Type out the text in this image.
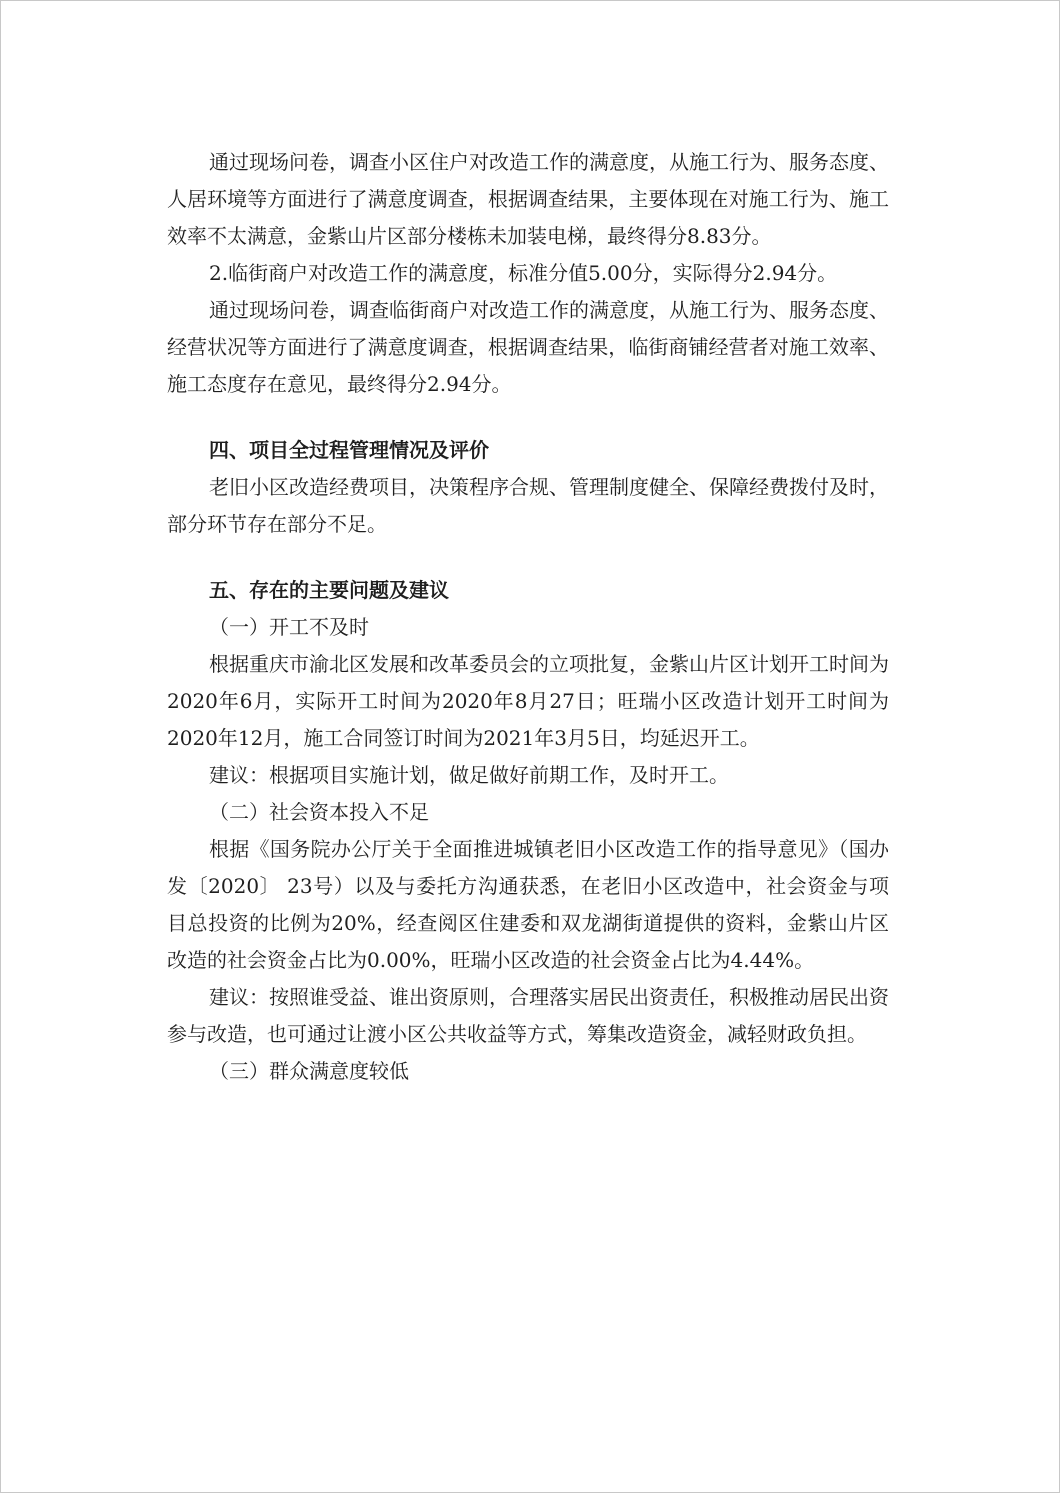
通过现场问卷，调查小区住户对改造工作的满意度，从施工行为、服务态度、人居环境等方面进行了满意度调查，根据调查结果，主要体现在对施工行为、施工效率不太满意，金紫山片区部分楼栋未加装电梯，最终得分8.83分。

2.临街商户对改造工作的满意度，标准分值5.00分，实际得分2.94分。

通过现场问卷，调查临街商户对改造工作的满意度，从施工行为、服务态度、经营状况等方面进行了满意度调查，根据调查结果，临街商铺经营者对施工效率、施工态度存在意见，最终得分2.94分。

四、项目全过程管理情况及评价

老旧小区改造经费项目，决策程序合规、管理制度健全、保障经费拨付及时，部分环节存在部分不足。

五、存在的主要问题及建议

（一）开工不及时

根据重庆市渝北区发展和改革委员会的立项批复，金紫山片区计划开工时间为2020年6月，实际开工时间为2020年8月27日；旺瑞小区改造计划开工时间为2020年12月，施工合同签订时间为2021年3月5日，均延迟开工。

建议：根据项目实施计划，做足做好前期工作，及时开工。

（二）社会资本投入不足

根据《国务院办公厅关于全面推进城镇老旧小区改造工作的指导意见》（国办发〔2020〕 23号）以及与委托方沟通获悉，在老旧小区改造中，社会资金与项目总投资的比例为20%，经查阅区住建委和双龙湖街道提供的资料，金紫山片区改造的社会资金占比为0.00%，旺瑞小区改造的社会资金占比为4.44%。

建议：按照谁受益、谁出资原则，合理落实居民出资责任，积极推动居民出资参与改造，也可通过让渡小区公共收益等方式，筹集改造资金，减轻财政负担。

（三）群众满意度较低
